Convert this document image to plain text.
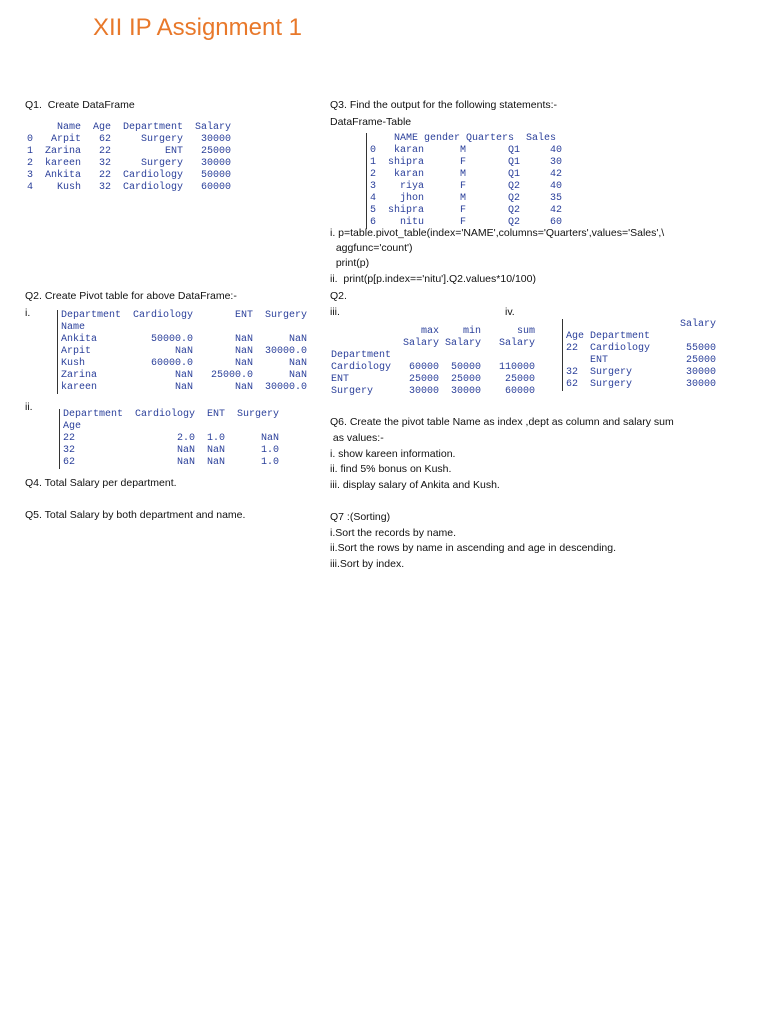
XII IP Assignment 1
Q1.  Create DataFrame
Name  Age  Department  Salary
0   Arpit   62     Surgery   30000
1  Zarina   22         ENT   25000
2  kareen   32     Surgery   30000
3  Ankita   22  Cardiology   50000
4    Kush   32  Cardiology   60000
Q2. Create Pivot table for above DataFrame:-
i.	Department  Cardiology       ENT  Surgery
Name
Ankita         50000.0       NaN      NaN
Arpit              NaN       NaN  30000.0
Kush           60000.0       NaN      NaN
Zarina             NaN   25000.0      NaN
kareen             NaN       NaN  30000.0
ii.
Department  Cardiology  ENT  Surgery
Age
22                 2.0  1.0      NaN
32                 NaN  NaN      1.0
62                 NaN  NaN      1.0
Q4. Total Salary per department.
Q5. Total Salary by both department and name.
Q3. Find the output for the following statements:-
DataFrame-Table
NAME gender Quarters  Sales
0   karan      M       Q1     40
1  shipra      F       Q1     30
2   karan      M       Q1     42
3    riya      F       Q2     40
4    jhon      M       Q2     35
5  shipra      F       Q2     42
6    nitu      F       Q2     60
i. p=table.pivot_table(index='NAME',columns='Quarters',values='Sales',\
aggfunc='count')
print(p)
ii.  print(p[p.index=='nitu'].Q2.values*10/100)
Q2.
iii.
max    min      sum
Salary Salary   Salary
Department
Cardiology   60000  50000   110000
ENT          25000  25000    25000
Surgery      30000  30000    60000
iv.
Salary
Age Department
22  Cardiology      55000
ENT             25000
32  Surgery         30000
62  Surgery         30000
Q6. Create the pivot table Name as index ,dept as column and salary sum
as values:-
i. show kareen information.
ii. find 5% bonus on Kush.
iii. display salary of Ankita and Kush.
Q7 :(Sorting)
i.Sort the records by name.
ii.Sort the rows by name in ascending and age in descending.
iii.Sort by index.
